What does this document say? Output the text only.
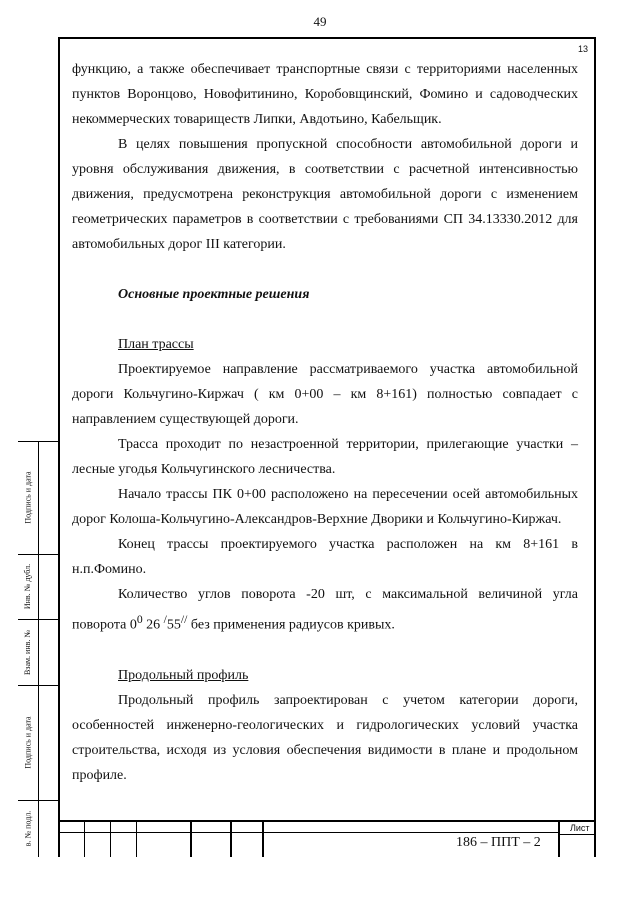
49
13

функцию, а также обеспечивает транспортные связи с территориями населенных пунктов Воронцово, Новофитинино, Коробовщинский, Фомино и садоводческих некоммерческих товариществ Липки, Авдотьино, Кабельщик.

В целях повышения пропускной способности автомобильной дороги и уровня обслуживания движения, в соответствии с расчетной интенсивностью движения, предусмотрена реконструкция автомобильной дороги с изменением геометрических параметров в соответствии с требованиями СП 34.13330.2012 для автомобильных дорог III категории.

Основные проектные решения

План трассы

Проектируемое направление рассматриваемого участка автомобильной дороги Кольчугино-Киржач ( км 0+00 – км 8+161) полностью совпадает с направлением существующей дороги.

Трасса проходит по незастроенной территории, прилегающие участки – лесные угодья Кольчугинского лесничества.

Начало трассы ПК 0+00 расположено на пересечении осей автомобильных дорог Колоша-Кольчугино-Александров-Верхние Дворики и Кольчугино-Киржач.

Конец трассы проектируемого участка расположен на км 8+161 в н.п.Фомино.

Количество углов поворота -20 шт, с максимальной величиной угла поворота $0^0$ 26 /55// без применения радиусов кривых.

Продольный профиль

Продольный профиль запроектирован с учетом категории дороги, особенностей инженерно-геологических и гидрологических условий участка строительства, исходя из условия обеспечения видимости в плане и продольном профиле.

Подпись и дата
Инв. № дубл.
Взам. инв. №
Подпись и дата
в. № подл.	186 – ППТ – 2
Лист
